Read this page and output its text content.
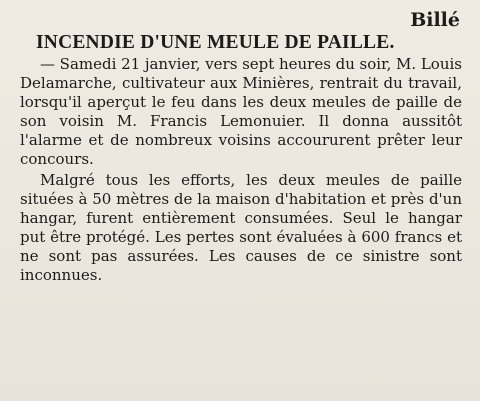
Billé
INCENDIE D'UNE MEULE DE PAILLE.

— Samedi 21 janvier, vers sept heures du soir, M. Louis Delamarche, cultivateur aux Minières, rentrait du travail, lorsqu'il aperçut le feu dans les deux meules de paille de son voisin M. Francis Lemonuier. Il donna aussitôt l'alarme et de nombreux voisins accoururent prêter leur concours.

Malgré tous les efforts, les deux meules de paille situées à 50 mètres de la maison d'habitation et près d'un hangar, furent entièrement consumées. Seul le hangar put être protégé. Les pertes sont évaluées à 600 francs et ne sont pas assurées. Les causes de ce sinistre sont inconnues.
